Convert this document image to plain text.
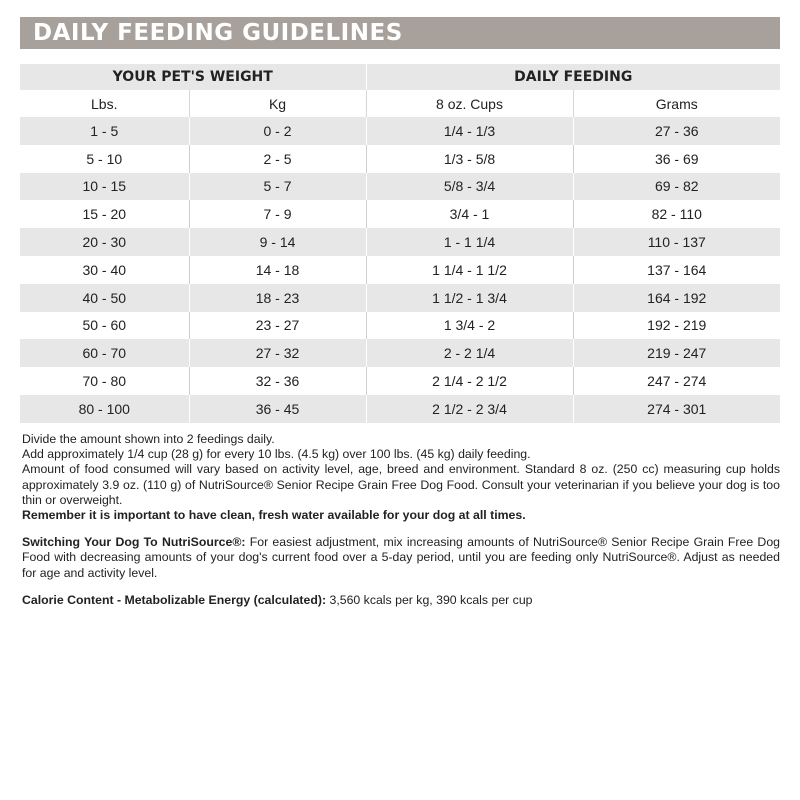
DAILY FEEDING GUIDELINES
YOUR PET'S WEIGHT		DAILY FEEDING	
Lbs.	Kg	8 oz. Cups	Grams
1 - 5	0 - 2	1/4 - 1/3	27 - 36
5 - 10	2 - 5	1/3 - 5/8	36 - 69
10 - 15	5 - 7	5/8 - 3/4	69 - 82
15 - 20	7 - 9	3/4 - 1	82 - 110
20 - 30	9 - 14	1 - 1 1/4	110 - 137
30 - 40	14 - 18	1 1/4 - 1 1/2	137 - 164
40 - 50	18 - 23	1 1/2 - 1 3/4	164 - 192
50 - 60	23 - 27	1 3/4 - 2	192 - 219
60 - 70	27 - 32	2 - 2 1/4	219 - 247
70 - 80	32 - 36	2 1/4 - 2 1/2	247 - 274
80 - 100	36 - 45	2 1/2 - 2 3/4	274 - 301

Divide the amount shown into 2 feedings daily.

Add approximately 1/4 cup (28 g) for every 10 lbs. (4.5 kg) over 100 lbs. (45 kg) daily feeding.

Amount of food consumed will vary based on activity level, age, breed and environment. Standard 8 oz. (250 cc) measuring cup holds approximately 3.9 oz. (110 g) of NutriSource® Senior Recipe Grain Free Dog Food. Consult your veterinarian if you believe your dog is too thin or overweight.

Remember it is important to have clean, fresh water available for your dog at all times.

Switching Your Dog To NutriSource®: For easiest adjustment, mix increasing amounts of NutriSource® Senior Recipe Grain Free Dog Food with decreasing amounts of your dog's current food over a 5-day period, until you are feeding only NutriSource®. Adjust as needed for age and activity level.

Calorie Content - Metabolizable Energy (calculated): 3,560 kcals per kg, 390 kcals per cup
